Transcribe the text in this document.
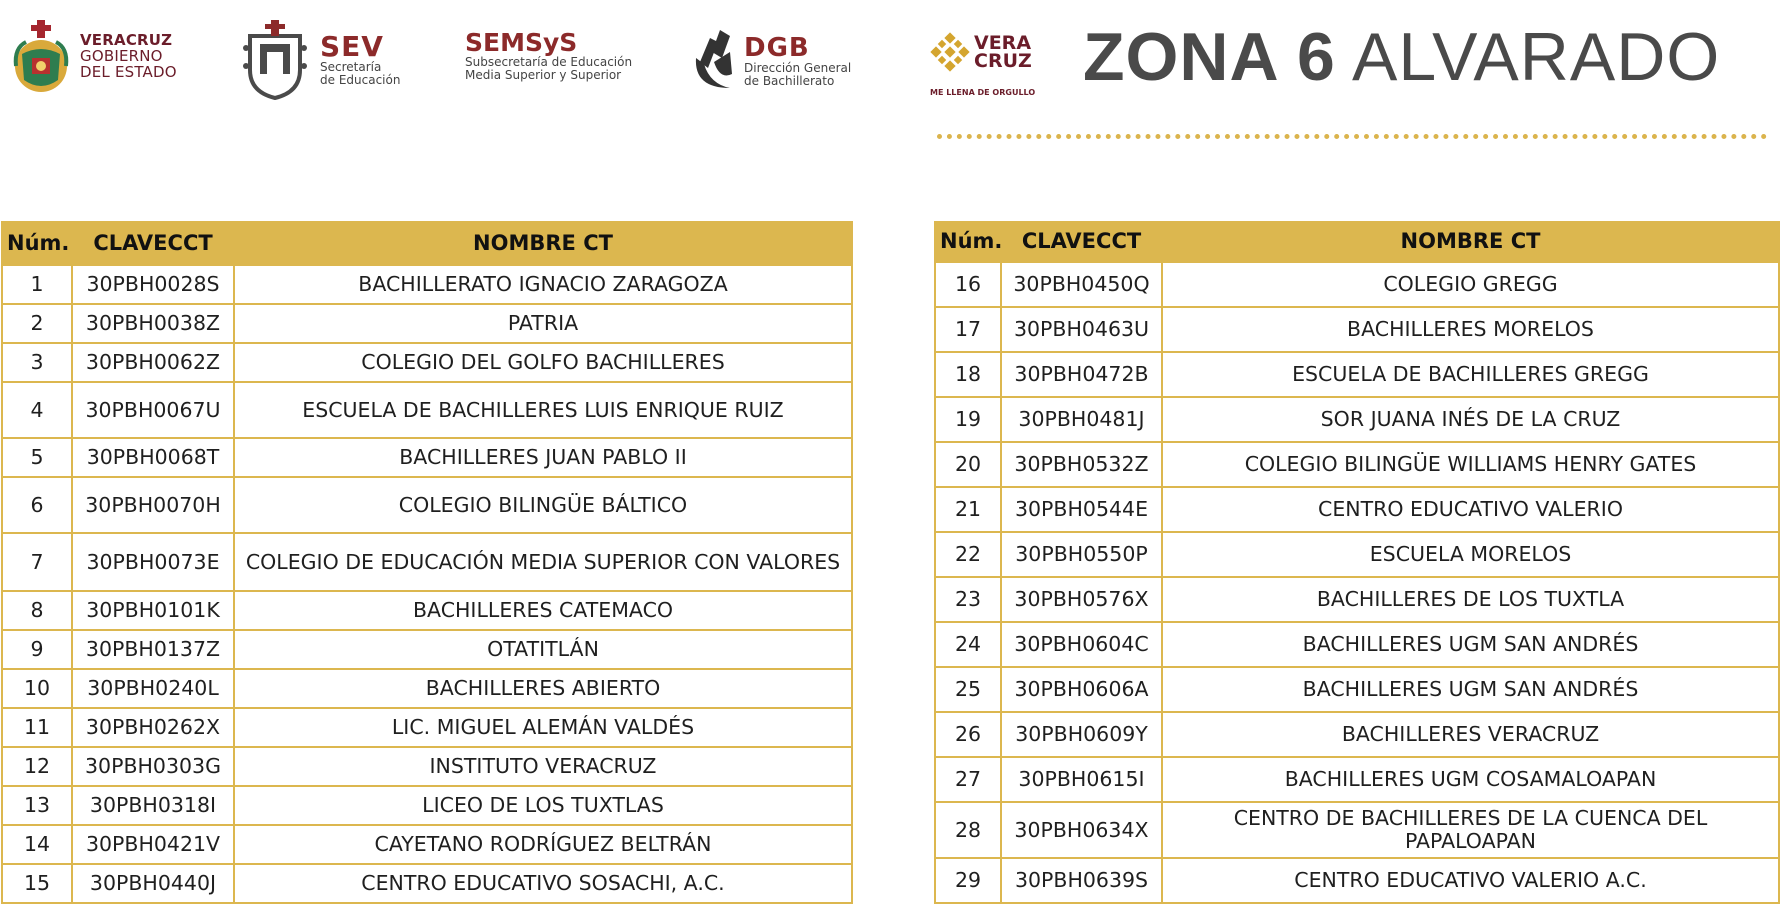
VERACRUZ
GOBIERNO
DEL ESTADO
SEV
Secretaría
de Educación
SEMSyS
Subsecretaría de Educación
Media Superior y Superior
DGB
Dirección General
de Bachillerato
VERA
CRUZ
ME LLENA DE ORGULLO ZONA 6 ALVARADO
Núm.	CLAVECCT	NOMBRE CT
1	30PBH0028S	BACHILLERATO IGNACIO ZARAGOZA
2	30PBH0038Z	PATRIA
3	30PBH0062Z	COLEGIO DEL GOLFO BACHILLERES
4	30PBH0067U	ESCUELA DE BACHILLERES LUIS ENRIQUE RUIZ
5	30PBH0068T	BACHILLERES JUAN PABLO II
6	30PBH0070H	COLEGIO BILINGÜE BÁLTICO
7	30PBH0073E	COLEGIO DE EDUCACIÓN MEDIA SUPERIOR CON VALORES
8	30PBH0101K	BACHILLERES CATEMACO
9	30PBH0137Z	OTATITLÁN
10	30PBH0240L	BACHILLERES ABIERTO
11	30PBH0262X	LIC. MIGUEL ALEMÁN VALDÉS
12	30PBH0303G	INSTITUTO VERACRUZ
13	30PBH0318I	LICEO DE LOS TUXTLAS
14	30PBH0421V	CAYETANO RODRÍGUEZ BELTRÁN
15	30PBH0440J	CENTRO EDUCATIVO SOSACHI, A.C.
Núm.	CLAVECCT	NOMBRE CT
16	30PBH0450Q	COLEGIO GREGG
17	30PBH0463U	BACHILLERES MORELOS
18	30PBH0472B	ESCUELA DE BACHILLERES GREGG
19	30PBH0481J	SOR JUANA INÉS DE LA CRUZ
20	30PBH0532Z	COLEGIO BILINGÜE WILLIAMS HENRY GATES
21	30PBH0544E	CENTRO EDUCATIVO VALERIO
22	30PBH0550P	ESCUELA MORELOS
23	30PBH0576X	BACHILLERES DE LOS TUXTLA
24	30PBH0604C	BACHILLERES UGM SAN ANDRÉS
25	30PBH0606A	BACHILLERES UGM SAN ANDRÉS
26	30PBH0609Y	BACHILLERES VERACRUZ
27	30PBH0615I	BACHILLERES UGM COSAMALOAPAN
28	30PBH0634X	CENTRO DE BACHILLERES DE LA CUENCA DEL PAPALOAPAN
29	30PBH0639S	CENTRO EDUCATIVO VALERIO A.C.
